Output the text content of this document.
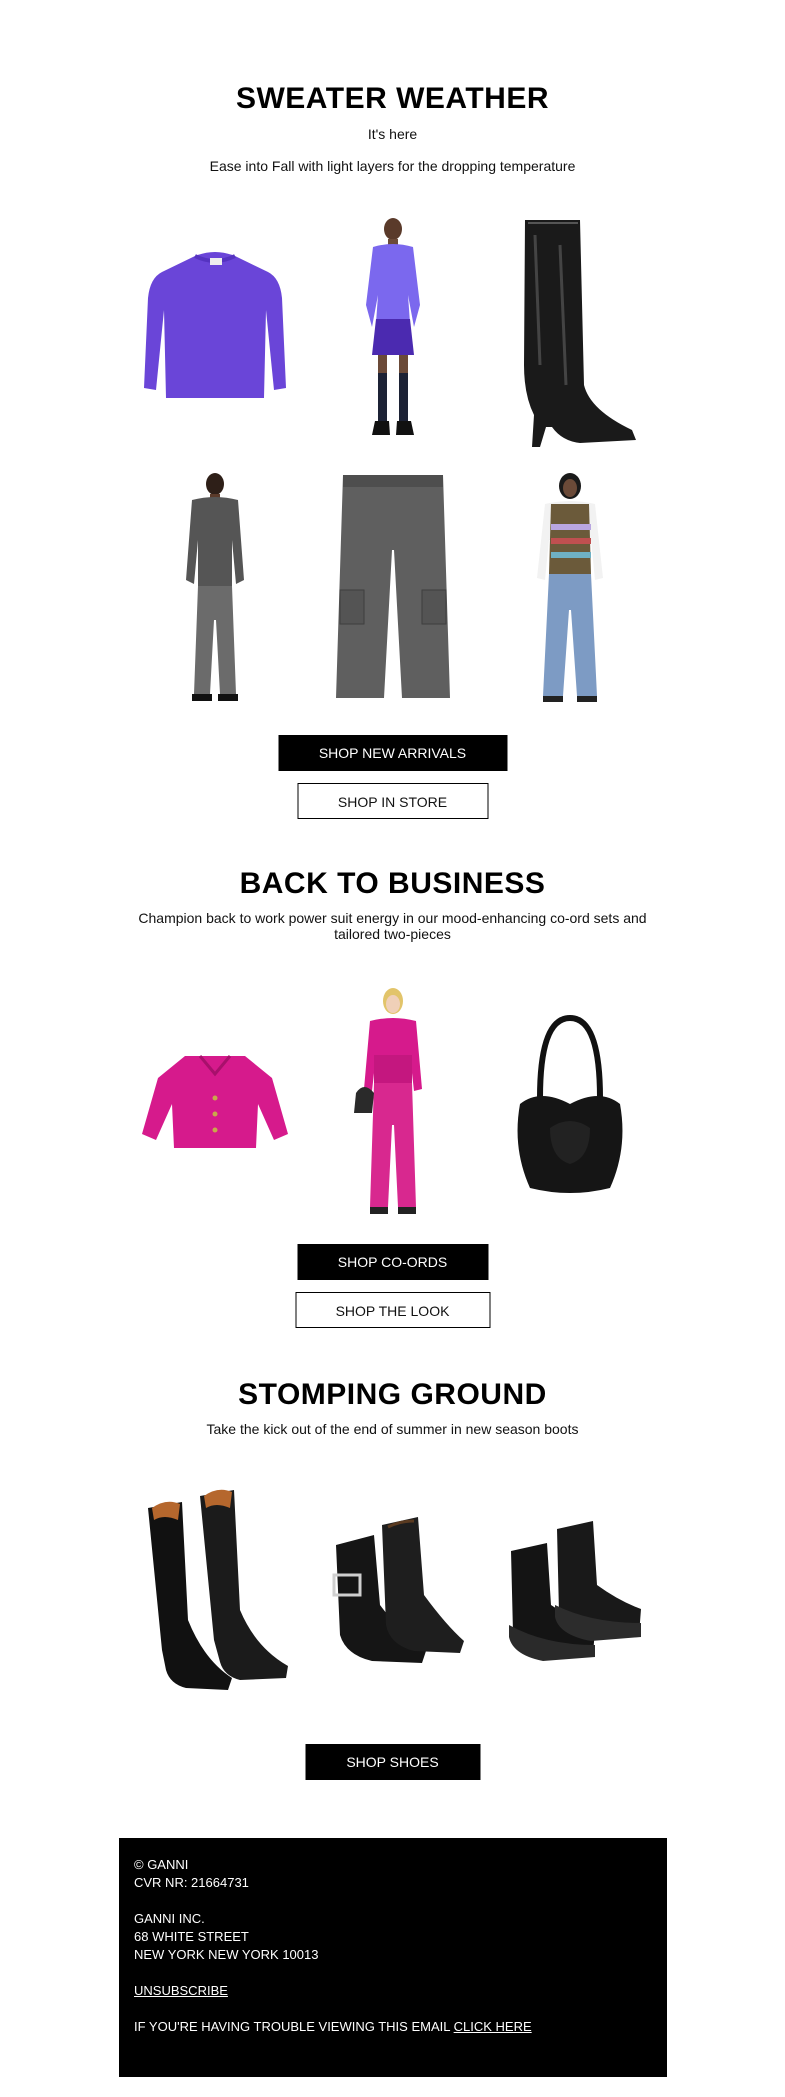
SWEATER WEATHER

It's here

Ease into Fall with light layers for the dropping temperature

SHOP NEW ARRIVALS
SHOP IN STORE
BACK TO BUSINESS

Champion back to work power suit energy in our mood-enhancing co-ord sets and tailored two-pieces

SHOP CO-ORDS
SHOP THE LOOK
STOMPING GROUND

Take the kick out of the end of summer in new season boots

SHOP SHOES
© GANNI
CVR NR: 21664731
GANNI INC.
68 WHITE STREET
NEW YORK NEW YORK 10013
UNSUBSCRIBE
IF YOU'RE HAVING TROUBLE VIEWING THIS EMAIL CLICK HERE
